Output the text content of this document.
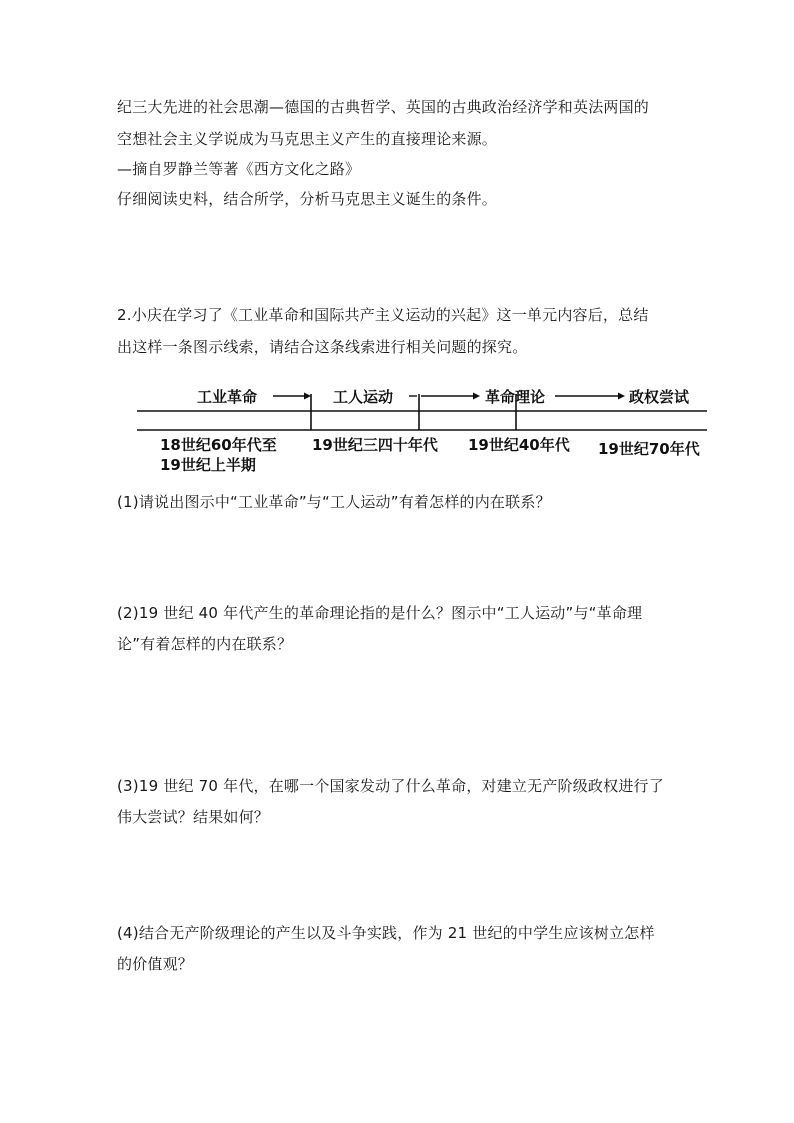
纪三大先进的社会思潮—德国的古典哲学、英国的古典政治经济学和英法两国的
空想社会主义学说成为马克思主义产生的直接理论来源。
—摘自罗静兰等著《西方文化之路》
仔细阅读史料，结合所学，分析马克思主义诞生的条件。
2.小庆在学习了《工业革命和国际共产主义运动的兴起》这一单元内容后，总结
出这样一条图示线索，请结合这条线索进行相关问题的探究。
工业革命	工人运动	革命理论	政权尝试
18世纪60年代至
19世纪上半期
19世纪三四十年代 19世纪40年代 19世纪70年代
(1)请说出图示中“工业革命”与“工人运动”有着怎样的内在联系？
(2)19 世纪 40 年代产生的革命理论指的是什么？图示中“工人运动”与“革命理
论”有着怎样的内在联系？
(3)19 世纪 70 年代，在哪一个国家发动了什么革命，对建立无产阶级政权进行了
伟大尝试？结果如何？
(4)结合无产阶级理论的产生以及斗争实践，作为 21 世纪的中学生应该树立怎样
的价值观？
